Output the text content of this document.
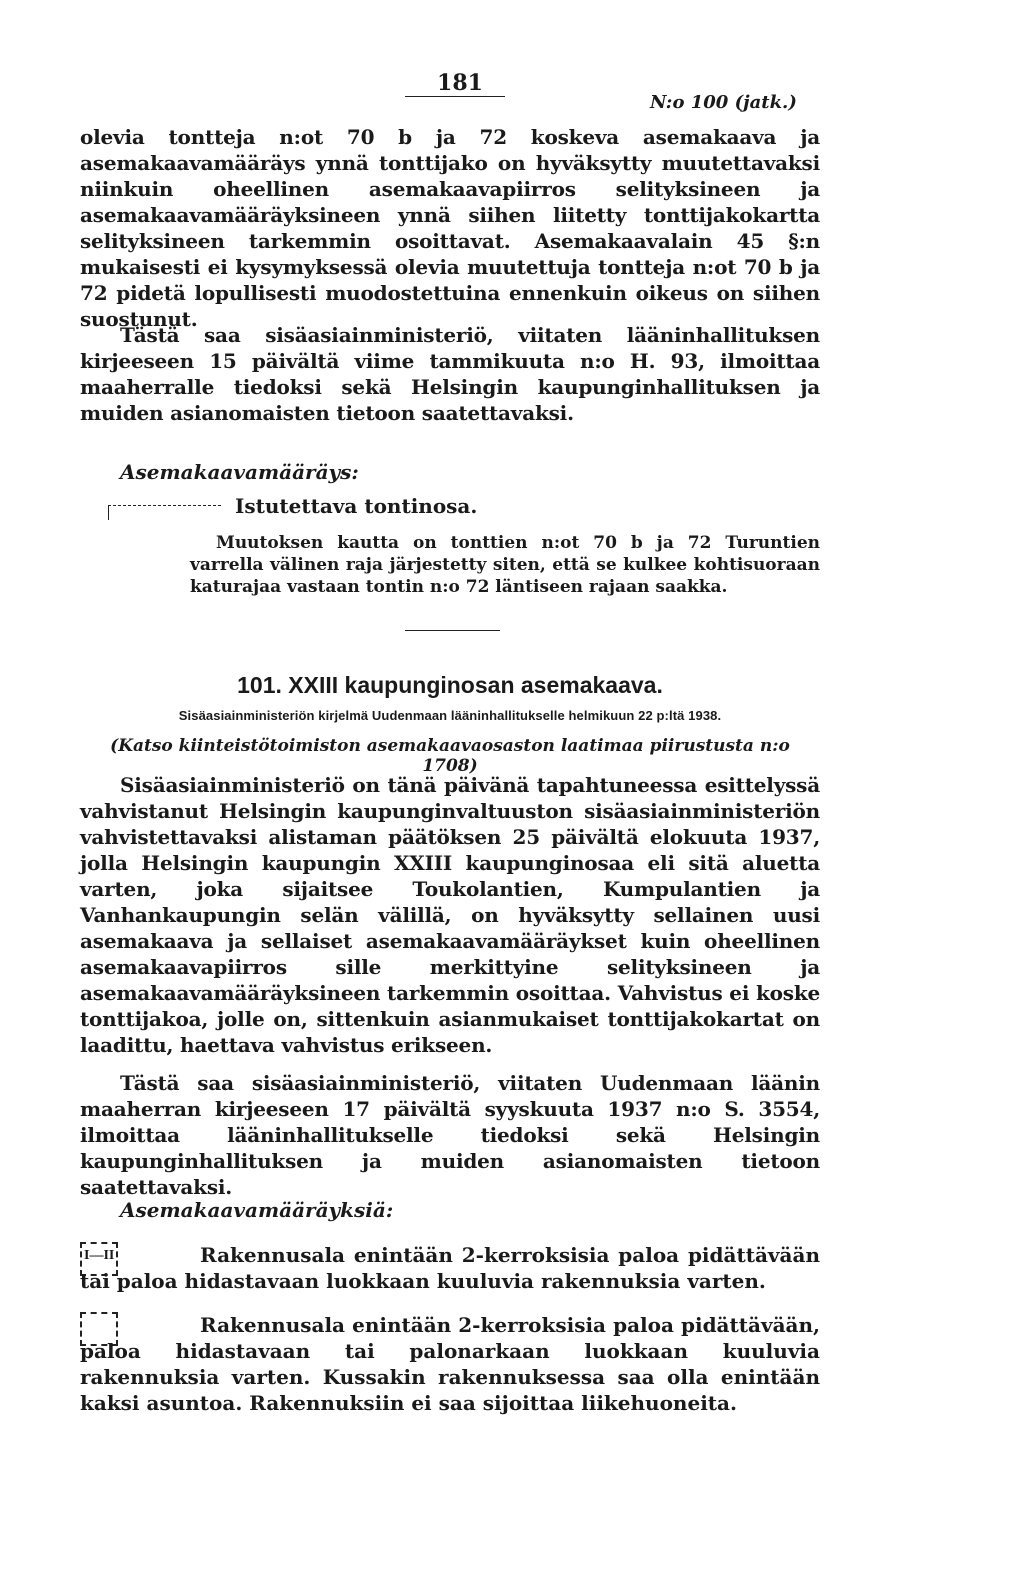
181
N:o 100 (jatk.)

olevia tontteja n:ot 70 b ja 72 koskeva asemakaava ja asemakaavamääräys ynnä tonttijako on hyväksytty muutettavaksi niinkuin oheellinen asemakaavapiirros selityksineen ja asemakaavamääräyksineen ynnä siihen liitetty tonttijakokartta selityksineen tarkemmin osoittavat. Asemakaavalain 45 §:n mukaisesti ei kysymyksessä olevia muutettuja tontteja n:ot 70 b ja 72 pidetä lopullisesti muodostettuina ennenkuin oikeus on siihen suostunut.

Tästä saa sisäasiainministeriö, viitaten lääninhallituksen kirjeeseen 15 päivältä viime tammikuuta n:o H. 93, ilmoittaa maaherralle tiedoksi sekä Helsingin kaupunginhallituksen ja muiden asianomaisten tietoon saatettavaksi.

Asemakaavamääräys:
Istutettava tontinosa.

Muutoksen kautta on tonttien n:ot 70 b ja 72 Turuntien varrella välinen raja järjestetty siten, että se kulkee kohtisuoraan katurajaa vastaan tontin n:o 72 läntiseen rajaan saakka.

101. XXIII kaupunginosan asemakaava.
Sisäasiainministeriön kirjelmä Uudenmaan lääninhallitukselle helmikuun 22 p:ltä 1938.
(Katso kiinteistötoimiston asemakaavaosaston laatimaa piirustusta n:o 1708)

Sisäasiainministeriö on tänä päivänä tapahtuneessa esittelyssä vahvistanut Helsingin kaupunginvaltuuston sisäasiainministeriön vahvistettavaksi alistaman päätöksen 25 päivältä elokuuta 1937, jolla Helsingin kaupungin XXIII kaupunginosaa eli sitä aluetta varten, joka sijaitsee Toukolantien, Kumpulantien ja Vanhankaupungin selän välillä, on hyväksytty sellainen uusi asemakaava ja sellaiset asemakaavamääräykset kuin oheellinen asemakaavapiirros sille merkittyine selityksineen ja asemakaavamääräyksineen tarkemmin osoittaa. Vahvistus ei koske tonttijakoa, jolle on, sittenkuin asianmukaiset tonttijakokartat on laadittu, haettava vahvistus erikseen.

Tästä saa sisäasiainministeriö, viitaten Uudenmaan läänin maaherran kirjeeseen 17 päivältä syyskuuta 1937 n:o S. 3554, ilmoittaa lääninhallitukselle tiedoksi sekä Helsingin kaupunginhallituksen ja muiden asianomaisten tietoon saatettavaksi.

Asemakaavamääräyksiä:
I—II	Rakennusala enintään 2-kerroksisia paloa pidättävään tai paloa hidastavaan luokkaan kuuluvia rakennuksia varten.

Rakennusala enintään 2-kerroksisia paloa pidättävään, paloa hidastavaan tai palonarkaan luokkaan kuuluvia rakennuksia varten. Kussakin rakennuksessa saa olla enintään kaksi asuntoa. Rakennuksiin ei saa sijoittaa liikehuoneita.
